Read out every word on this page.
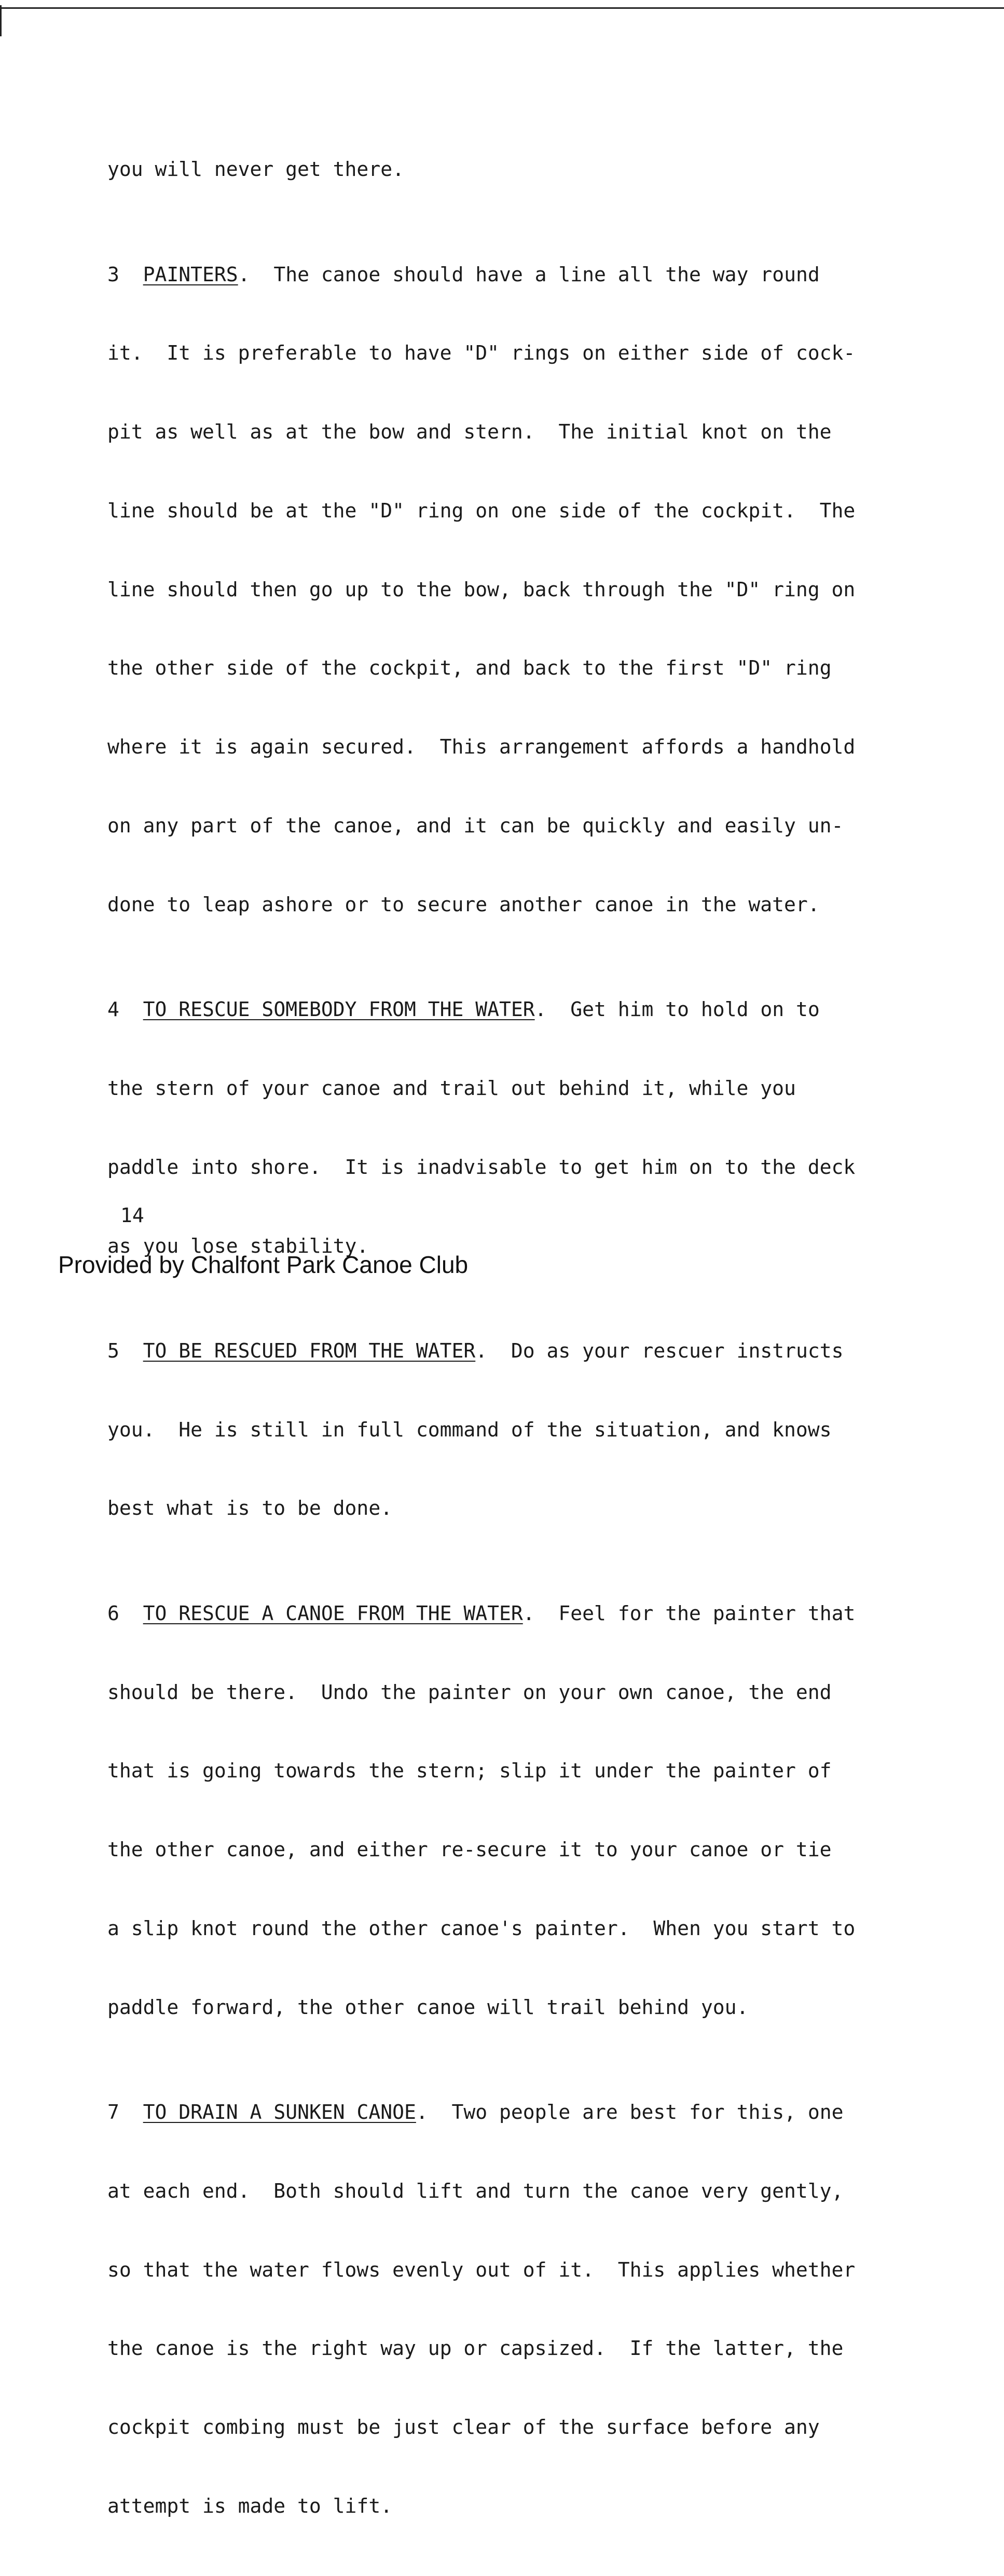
you will never get there.

3 PAINTERS.  The canoe should have a line all the way round

it.  It is preferable to have "D" rings on either side of cock-

pit as well as at the bow and stern.  The initial knot on the

line should be at the "D" ring on one side of the cockpit.  The

line should then go up to the bow, back through the "D" ring on

the other side of the cockpit, and back to the first "D" ring

where it is again secured.  This arrangement affords a handhold

on any part of the canoe, and it can be quickly and easily un-

done to leap ashore or to secure another canoe in the water.

4 TO RESCUE SOMEBODY FROM THE WATER.  Get him to hold on to

the stern of your canoe and trail out behind it, while you

paddle into shore.  It is inadvisable to get him on to the deck

as you lose stability.

5 TO BE RESCUED FROM THE WATER.  Do as your rescuer instructs

you.  He is still in full command of the situation, and knows

best what is to be done.

6 TO RESCUE A CANOE FROM THE WATER.  Feel for the painter that

should be there.  Undo the painter on your own canoe, the end

that is going towards the stern; slip it under the painter of

the other canoe, and either re-secure it to your canoe or tie

a slip knot round the other canoe's painter.  When you start to

paddle forward, the other canoe will trail behind you.

7 TO DRAIN A SUNKEN CANOE.  Two people are best for this, one

at each end.  Both should lift and turn the canoe very gently,

so that the water flows evenly out of it.  This applies whether

the canoe is the right way up or capsized.  If the latter, the

cockpit combing must be just clear of the surface before any

attempt is made to lift.

14
Provided by Chalfont Park Canoe Club
